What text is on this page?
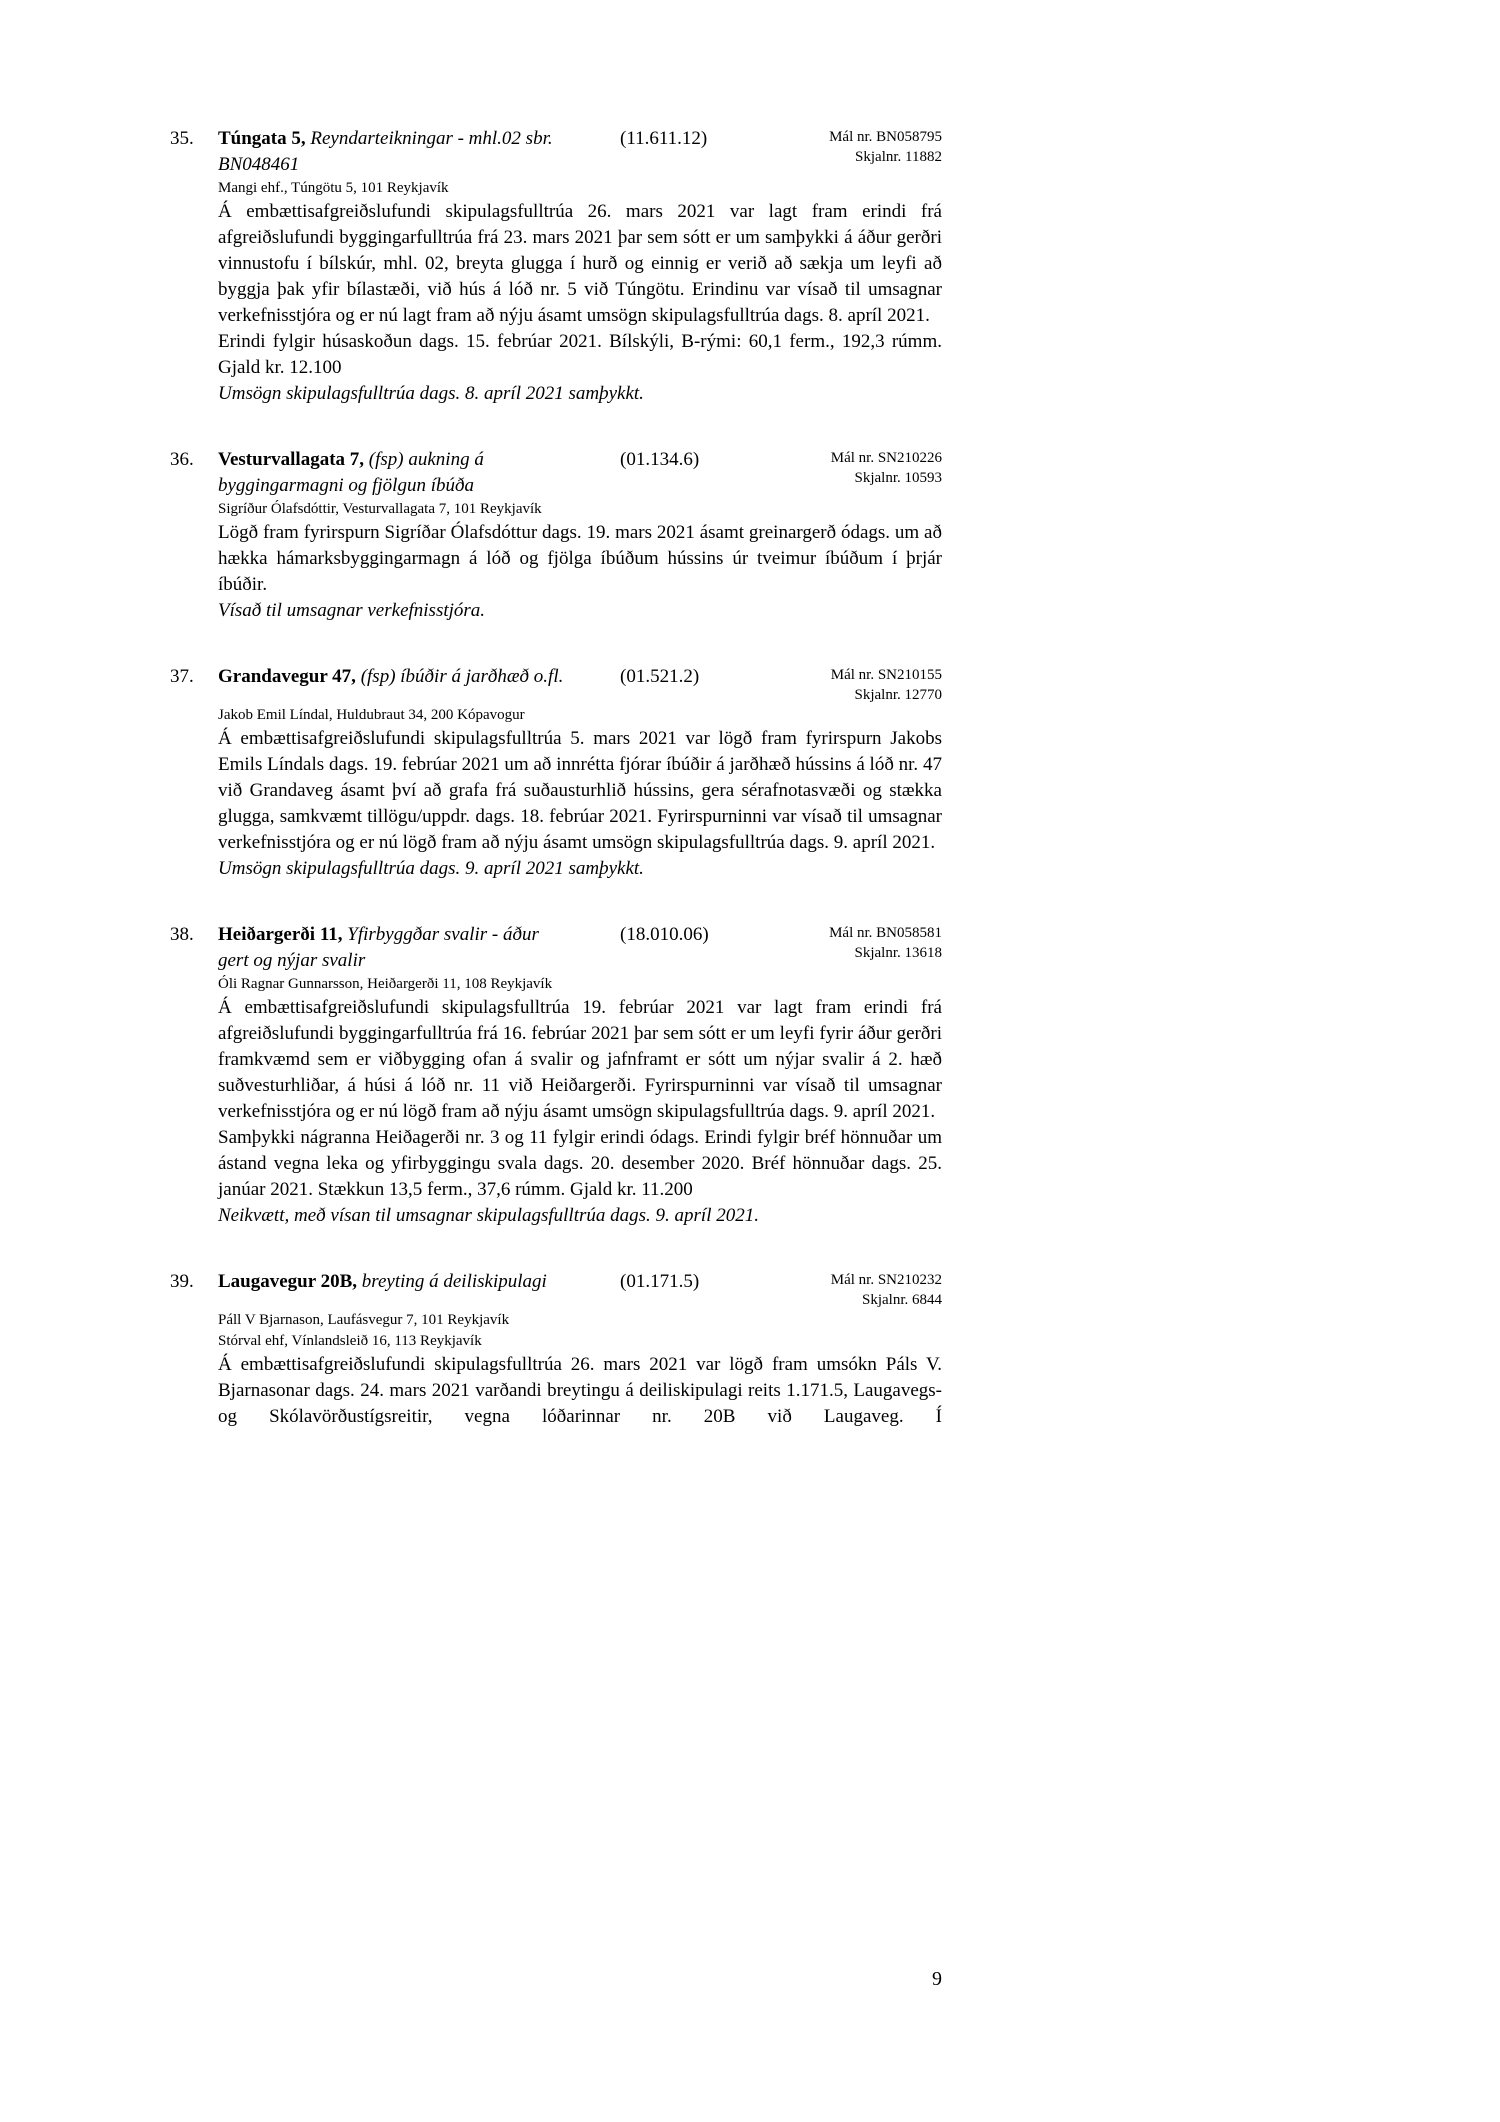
35.	Túngata 5, Reyndarteikningar - mhl.02 sbr.
BN048461
(11.611.12)	Mál nr. BN058795
Skjalnr. 11882
Mangi ehf., Túngötu 5, 101 Reykjavík

Á embættisafgreiðslufundi skipulagsfulltrúa 26. mars 2021 var lagt fram erindi frá afgreiðslufundi byggingarfulltrúa frá 23. mars 2021 þar sem sótt er um samþykki á áður gerðri vinnustofu í bílskúr, mhl. 02, breyta glugga í hurð og einnig er verið að sækja um leyfi að byggja þak yfir bílastæði, við hús á lóð nr. 5 við Túngötu. Erindinu var vísað til umsagnar verkefnisstjóra og er nú lagt fram að nýju ásamt umsögn skipulagsfulltrúa dags. 8. apríl 2021.

Erindi fylgir húsaskoðun dags. 15. febrúar 2021. Bílskýli, B-rými: 60,1 ferm., 192,3 rúmm. Gjald kr. 12.100

Umsögn skipulagsfulltrúa dags. 8. apríl 2021 samþykkt.

36.	Vesturvallagata 7, (fsp) aukning á
byggingarmagni og fjölgun íbúða
(01.134.6)	Mál nr. SN210226
Skjalnr. 10593
Sigríður Ólafsdóttir, Vesturvallagata 7, 101 Reykjavík

Lögð fram fyrirspurn Sigríðar Ólafsdóttur dags. 19. mars 2021 ásamt greinargerð ódags. um að hækka hámarksbyggingarmagn á lóð og fjölga íbúðum hússins úr tveimur íbúðum í þrjár íbúðir.

Vísað til umsagnar verkefnisstjóra.

37.	Grandavegur 47, (fsp) íbúðir á jarðhæð o.fl.	(01.521.2)	Mál nr. SN210155
Skjalnr. 12770
Jakob Emil Líndal, Huldubraut 34, 200 Kópavogur

Á embættisafgreiðslufundi skipulagsfulltrúa 5. mars 2021 var lögð fram fyrirspurn Jakobs Emils Líndals dags. 19. febrúar 2021 um að innrétta fjórar íbúðir á jarðhæð hússins á lóð nr. 47 við Grandaveg ásamt því að grafa frá suðausturhlið hússins, gera sérafnotasvæði og stækka glugga, samkvæmt tillögu/uppdr. dags. 18. febrúar 2021. Fyrirspurninni var vísað til umsagnar verkefnisstjóra og er nú lögð fram að nýju ásamt umsögn skipulagsfulltrúa dags. 9. apríl 2021.

Umsögn skipulagsfulltrúa dags. 9. apríl 2021 samþykkt.

38.	Heiðargerði 11, Yfirbyggðar svalir - áður
gert og nýjar svalir
(18.010.06)	Mál nr. BN058581
Skjalnr. 13618
Óli Ragnar Gunnarsson, Heiðargerði 11, 108 Reykjavík

Á embættisafgreiðslufundi skipulagsfulltrúa 19. febrúar 2021 var lagt fram erindi frá afgreiðslufundi byggingarfulltrúa frá 16. febrúar 2021 þar sem sótt er um leyfi fyrir áður gerðri framkvæmd sem er viðbygging ofan á svalir og jafnframt er sótt um nýjar svalir á 2. hæð suðvesturhliðar, á húsi á lóð nr. 11 við Heiðargerði. Fyrirspurninni var vísað til umsagnar verkefnisstjóra og er nú lögð fram að nýju ásamt umsögn skipulagsfulltrúa dags. 9. apríl 2021.

Samþykki nágranna Heiðagerði nr. 3 og 11 fylgir erindi ódags. Erindi fylgir bréf hönnuðar um ástand vegna leka og yfirbyggingu svala dags. 20. desember 2020. Bréf hönnuðar dags. 25. janúar 2021. Stækkun 13,5 ferm., 37,6 rúmm. Gjald kr. 11.200

Neikvætt, með vísan til umsagnar skipulagsfulltrúa dags. 9. apríl 2021.

39.	Laugavegur 20B, breyting á deiliskipulagi	(01.171.5)	Mál nr. SN210232
Skjalnr. 6844
Páll V Bjarnason, Laufásvegur 7, 101 Reykjavík
Stórval ehf, Vínlandsleið 16, 113 Reykjavík

Á embættisafgreiðslufundi skipulagsfulltrúa 26. mars 2021 var lögð fram umsókn Páls V. Bjarnasonar dags. 24. mars 2021 varðandi breytingu á deiliskipulagi reits 1.171.5, Laugavegs- og Skólavörðustígsreitir, vegna lóðarinnar nr. 20B við Laugaveg. Í

9
